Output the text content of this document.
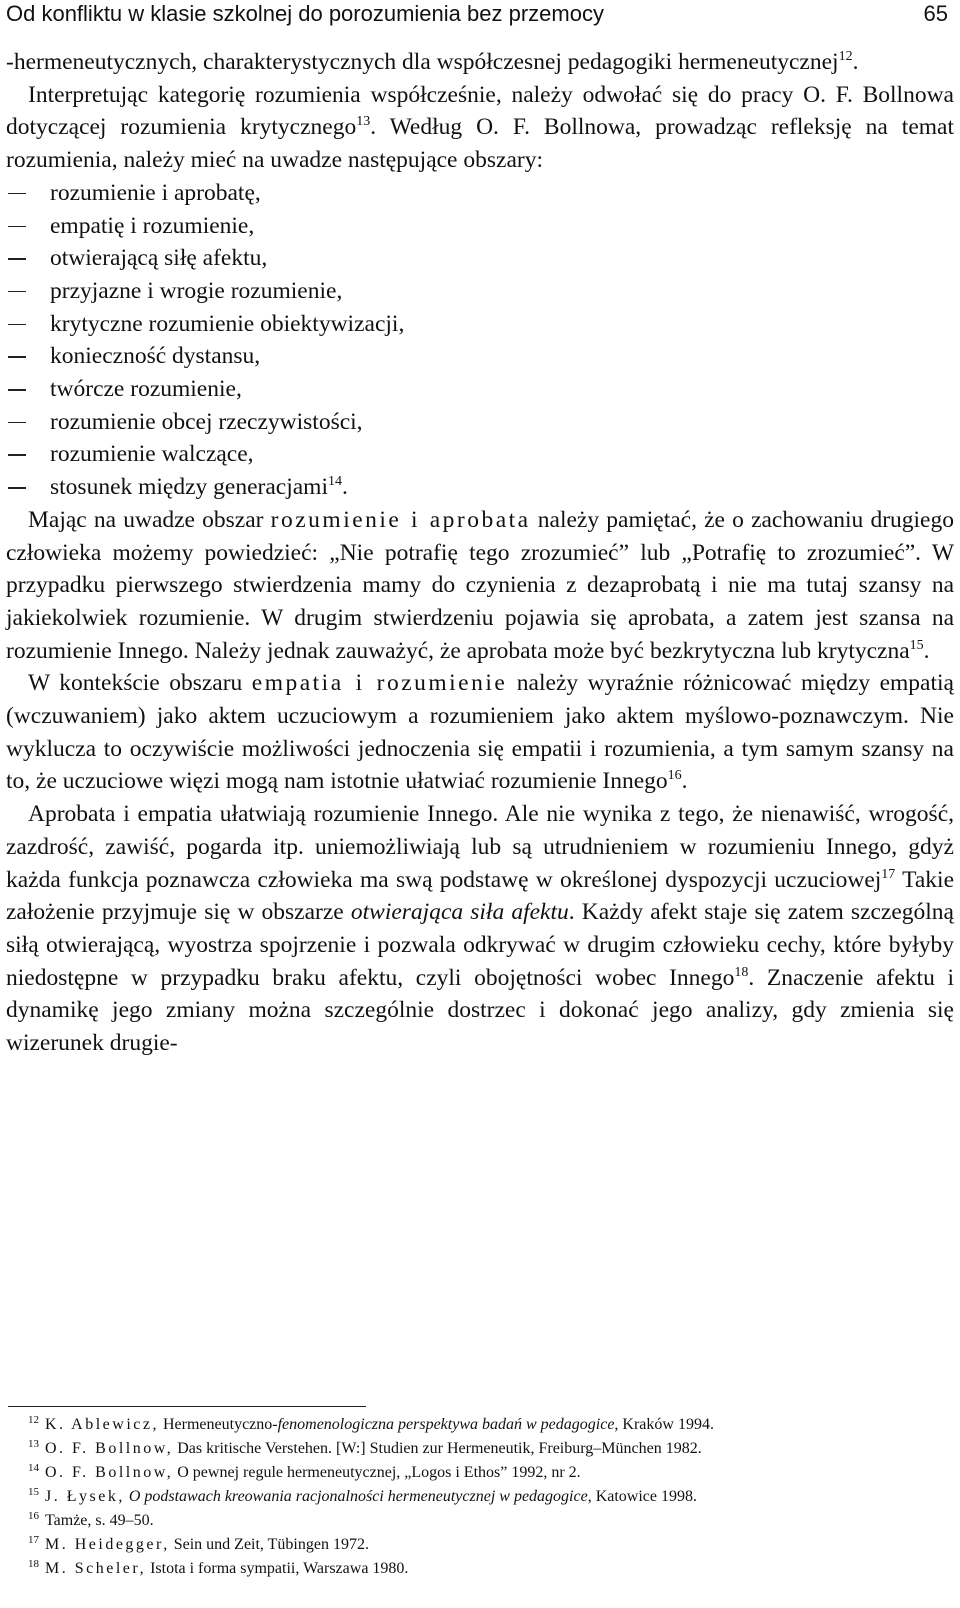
Od konfliktu w klasie szkolnej do porozumienia bez przemocy	65

-hermeneutycznych, charakterystycznych dla współczesnej pedagogiki hermeneutycznej$^{12}$.

Interpretując kategorię rozumienia współcześnie, należy odwołać się do pracy O. F. Bollnowa dotyczącej rozumienia krytycznego$^{13}$. Według O. F. Bollnowa, prowadząc refleksję na temat rozumienia, należy mieć na uwadze następujące obszary:

rozumienie i aprobatę,
empatię i rozumienie,
otwierającą siłę afektu,
przyjazne i wrogie rozumienie,
krytyczne rozumienie obiektywizacji,
konieczność dystansu,
twórcze rozumienie,
rozumienie obcej rzeczywistości,
rozumienie walczące,
stosunek między generacjami$^{14}$.

Mając na uwadze obszar rozumienie i aprobata należy pamiętać, że o zachowaniu drugiego człowieka możemy powiedzieć: „Nie potrafię tego zrozumieć” lub „Potrafię to zrozumieć”. W przypadku pierwszego stwierdzenia mamy do czynienia z dezaprobatą i nie ma tutaj szansy na jakiekolwiek rozumienie. W drugim stwierdzeniu pojawia się aprobata, a zatem jest szansa na rozumienie Innego. Należy jednak zauważyć, że aprobata może być bezkrytyczna lub krytyczna$^{15}$.

W kontekście obszaru empatia i rozumienie należy wyraźnie różnicować między empatią (wczuwaniem) jako aktem uczuciowym a rozumieniem jako aktem myślowo-poznawczym. Nie wyklucza to oczywiście możliwości jednoczenia się empatii i rozumienia, a tym samym szansy na to, że uczuciowe więzi mogą nam istotnie ułatwiać rozumienie Innego$^{16}$.

Aprobata i empatia ułatwiają rozumienie Innego. Ale nie wynika z tego, że nienawiść, wrogość, zazdrość, zawiść, pogarda itp. uniemożliwiają lub są utrudnieniem w rozumieniu Innego, gdyż każda funkcja poznawcza człowieka ma swą podstawę w określonej dyspozycji uczuciowej$^{17}$ Takie założenie przyjmuje się w obszarze otwierająca siła afektu. Każdy afekt staje się zatem szczególną siłą otwierającą, wyostrza spojrzenie i pozwala odkrywać w drugim człowieku cechy, które byłyby niedostępne w przypadku braku afektu, czyli obojętności wobec Innego$^{18}$. Znaczenie afektu i dynamikę jego zmiany można szczególnie dostrzec i dokonać jego analizy, gdy zmienia się wizerunek drugie-

$^{12}$ K. Ablewicz, Hermeneutyczno-fenomenologiczna perspektywa badań w pedagogice, Kraków 1994.
$^{13}$ O. F. Bollnow, Das kritische Verstehen. [W:] Studien zur Hermeneutik, Freiburg–München 1982.
$^{14}$ O. F. Bollnow, O pewnej regule hermeneutycznej, „Logos i Ethos” 1992, nr 2.
$^{15}$ J. Łysek, O podstawach kreowania racjonalności hermeneutycznej w pedagogice, Katowice 1998.
$^{16}$ Tamże, s. 49–50.
$^{17}$ M. Heidegger, Sein und Zeit, Tübingen 1972.
$^{18}$ M. Scheler, Istota i forma sympatii, Warszawa 1980.
